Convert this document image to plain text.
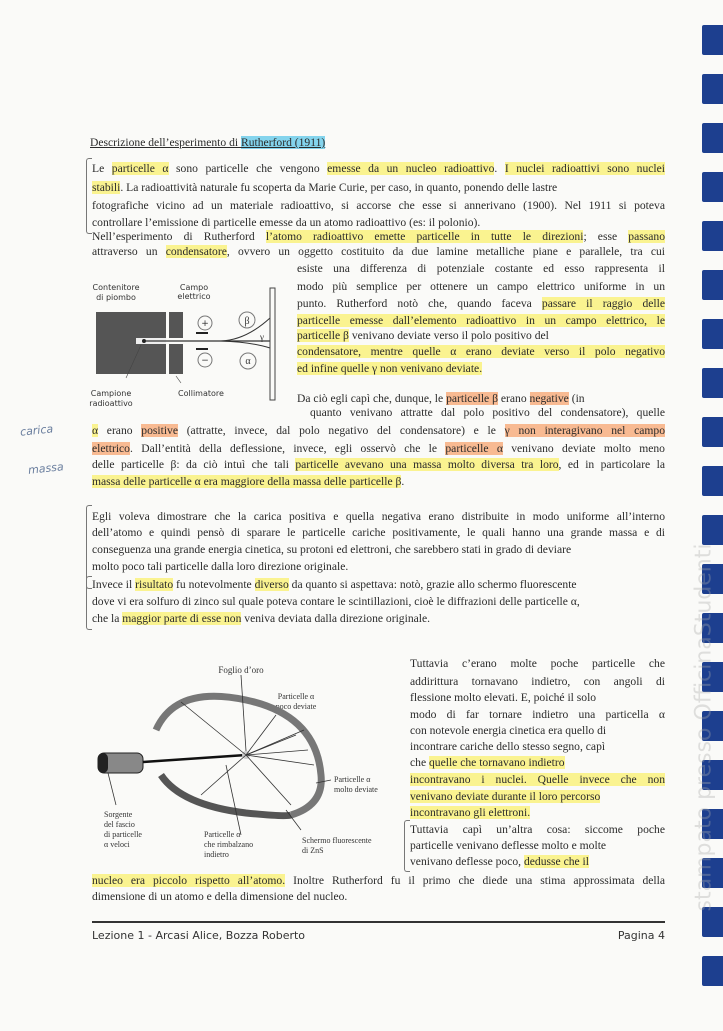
stampato presso OfficinaStudenti
Descrizione dell’esperimento di Rutherford (1911)
Le particelle α sono particelle che vengono emesse da un nucleo radioattivo. I nuclei radioattivi sono nuclei
stabili. La radioattività naturale fu scoperta da Marie Curie, per caso, in quanto, ponendo delle lastre
fotografiche vicino ad un materiale radioattivo, si accorse che esse si annerivano (1900). Nel 1911 si poteva
controllare l’emissione di particelle emesse da un atomo radioattivo (es: il polonio).
Nell’esperimento di Rutherford l’atomo radioattivo emette particelle in tutte le direzioni; esse passano
attraverso un condensatore, ovvero un oggetto costituito da due lamine metalliche piane e parallele, tra cui
esiste una differenza di potenziale costante ed esso rappresenta il
modo più semplice per ottenere un campo elettrico uniforme in un
punto. Rutherford notò che, quando faceva passare il raggio delle
particelle emesse dall’elemento radioattivo in un campo elettrico, le
particelle β venivano deviate verso il polo positivo del
condensatore, mentre quelle α erano deviate verso il polo negativo
ed infine quelle γ non venivano deviate.
Da ciò egli capì che, dunque, le particelle β erano negative (in
quanto venivano attratte dal polo positivo del condensatore), quelle
α erano positive (attratte, invece, dal polo negativo del condensatore) e le γ non interagivano nel campo
elettrico. Dall’entità della deflessione, invece, egli osservò che le particelle α venivano deviate molto meno
delle particelle β: da ciò intuì che tali particelle avevano una massa molto diversa tra loro, ed in particolare la
massa delle particelle α era maggiore della massa delle particelle β.
Egli voleva dimostrare che la carica positiva e quella negativa erano distribuite in modo uniforme all’interno
dell’atomo e quindi pensò di sparare le particelle cariche positivamente, le quali hanno una grande massa e di
conseguenza una grande energia cinetica, su protoni ed elettroni, che sarebbero stati in grado di deviare
molto poco tali particelle dalla loro direzione originale.
Invece il risultato fu notevolmente diverso da quanto si aspettava: notò, grazie allo schermo fluorescente
dove vi era solfuro di zinco sul quale poteva contare le scintillazioni, cioè le diffrazioni delle particelle α,
che la maggior parte di esse non veniva deviata dalla direzione originale.
Tuttavia c’erano molte poche particelle che
addirittura tornavano indietro, con angoli di
flessione molto elevati. E, poiché il solo
modo di far tornare indietro una particella α
con notevole energia cinetica era quello di
incontrare cariche dello stesso segno, capì
che quelle che tornavano indietro
incontravano i nuclei. Quelle invece che non
venivano deviate durante il loro percorso
incontravano gli elettroni.
Tuttavia capì un’altra cosa: siccome poche
particelle venivano deflesse molto e molte
venivano deflesse poco, dedusse che il
nucleo era piccolo rispetto all’atomo. Inoltre Rutherford fu il primo che diede una stima approssimata della
dimensione di un atomo e della dimensione del nucleo.
carica
massa
Contenitore
di piombo
Campo
elettrico
+
−
β
γ
α
Campione
radioattivo
Collimatore
Foglio d’oro
Particelle α
poco deviate
Particelle α
molto deviate
Sorgente
del fascio
di particelle
α veloci
Particelle α
che rimbalzano
indietro
Schermo fluorescente
di ZnS
Lezione 1 - Arcasi Alice, Bozza Roberto	Pagina 4
